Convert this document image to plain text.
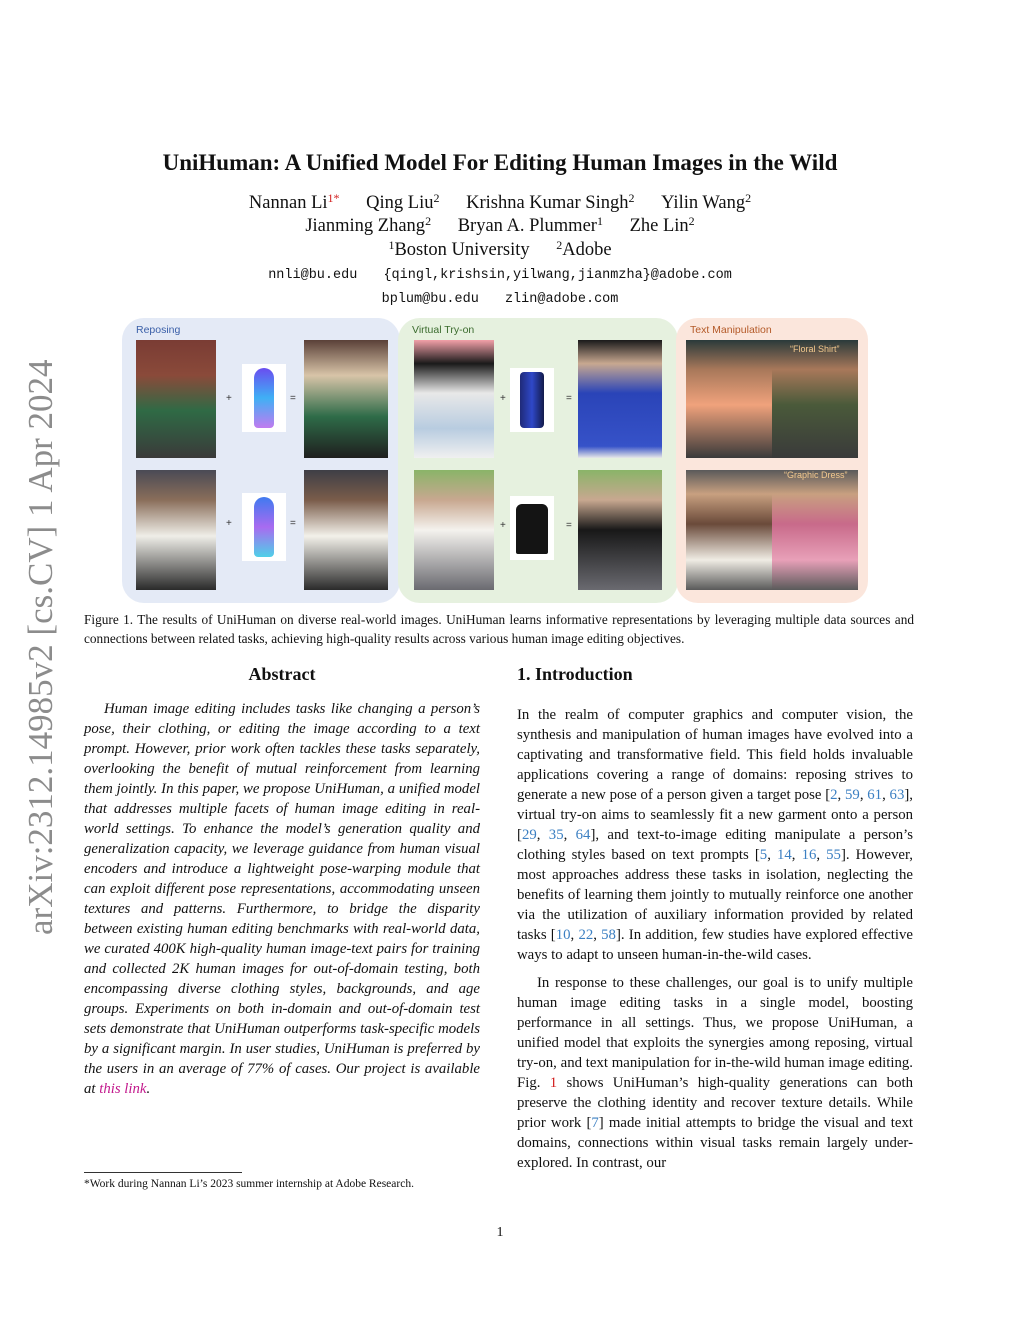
arXiv:2312.14985v2 [cs.CV] 1 Apr 2024
UniHuman: A Unified Model For Editing Human Images in the Wild
Nannan $Li^{1*}$ Qing Liu$^2$ Krishna Kumar Singh$^2$ Yilin Wang$^2$
Jianming Zhang$^2$ Bryan A. Plummer$^1$ Zhe Lin$^2$
$^1$Boston University $^2$Adobe
nnli@bu.edu {qingl,krishsin,yilwang,jianmzha}@adobe.com
bplum@bu.edu zlin@adobe.com
Reposing
+	=
+	=
Virtual Try-on
+	=
+	=
Text Manipulation
“Floral Shirt”
“Graphic Dress”
Figure 1. The results of UniHuman on diverse real-world images. UniHuman learns informative representations by leveraging multiple data sources and connections between related tasks, achieving high-quality results across various human image editing objectives.
Abstract
Human image editing includes tasks like changing a person’s pose, their clothing, or editing the image according to a text prompt. However, prior work often tackles these tasks separately, overlooking the benefit of mutual reinforcement from learning them jointly. In this paper, we propose UniHuman, a unified model that addresses multiple facets of human image editing in real-world settings. To enhance the model’s generation quality and generalization capacity, we leverage guidance from human visual encoders and introduce a lightweight pose-warping module that can exploit different pose representations, accommodating unseen textures and patterns. Furthermore, to bridge the disparity between existing human editing benchmarks with real-world data, we curated 400K high-quality human image-text pairs for training and collected 2K human images for out-of-domain testing, both encompassing diverse clothing styles, backgrounds, and age groups. Experiments on both in-domain and out-of-domain test sets demonstrate that UniHuman outperforms task-specific models by a significant margin. In user studies, UniHuman is preferred by the users in an average of 77% of cases. Our project is available at this link.
*Work during Nannan Li’s 2023 summer internship at Adobe Research.
1. Introduction
In the realm of computer graphics and computer vision, the synthesis and manipulation of human images have evolved into a captivating and transformative field. This field holds invaluable applications covering a range of domains: reposing strives to generate a new pose of a person given a target pose [2, 59, 61, 63], virtual try-on aims to seamlessly fit a new garment onto a person [29, 35, 64], and text-to-image editing manipulate a person’s clothing styles based on text prompts [5, 14, 16, 55]. However, most approaches address these tasks in isolation, neglecting the benefits of learning them jointly to mutually reinforce one another via the utilization of auxiliary information provided by related tasks [10, 22, 58]. In addition, few studies have explored effective ways to adapt to unseen human-in-the-wild cases.
In response to these challenges, our goal is to unify multiple human image editing tasks in a single model, boosting performance in all settings. Thus, we propose UniHuman, a unified model that exploits the synergies among reposing, virtual try-on, and text manipulation for in-the-wild human image editing. Fig. 1 shows UniHuman’s high-quality generations can both preserve the clothing identity and recover texture details. While prior work [7] made initial attempts to bridge the visual and text domains, connections within visual tasks remain largely under-explored. In contrast, our
1
